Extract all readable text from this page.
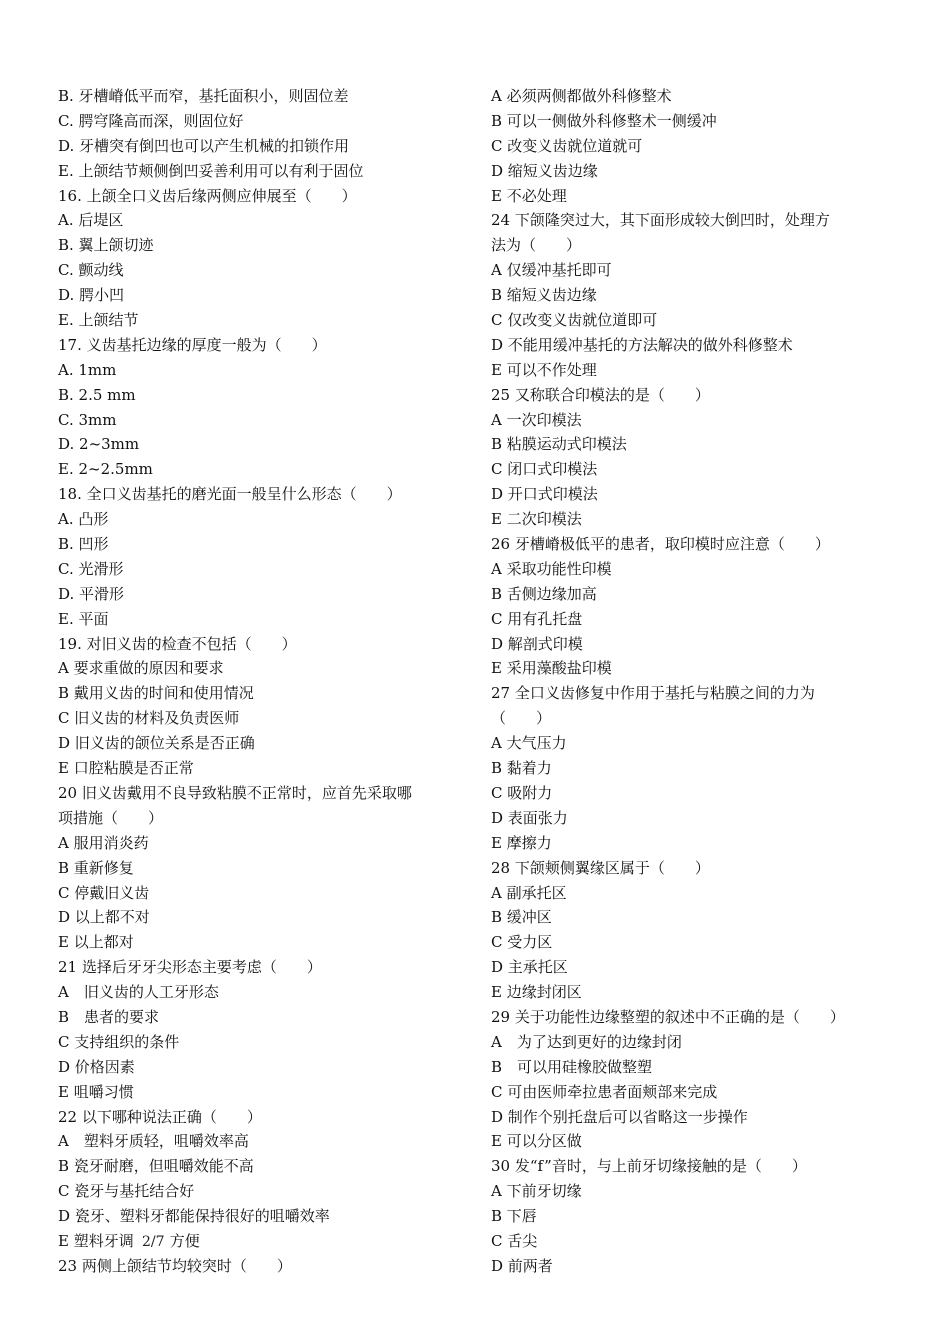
B. 牙槽嵴低平而窄，基托面积小，则固位差
C. 腭穹隆高而深，则固位好
D. 牙槽突有倒凹也可以产生机械的扣锁作用
E. 上颌结节颊侧倒凹妥善利用可以有利于固位
16. 上颌全口义齿后缘两侧应伸展至（　　）
A. 后堤区
B. 翼上颌切迹
C. 颤动线
D. 腭小凹
E. 上颌结节
17. 义齿基托边缘的厚度一般为（　　）
A. 1mm
B. 2.5 mm
C. 3mm
D. 2~3mm
E. 2~2.5mm
18. 全口义齿基托的磨光面一般呈什么形态（　　）
A. 凸形
B. 凹形
C. 光滑形
D. 平滑形
E. 平面
19. 对旧义齿的检查不包括（　　）
A 要求重做的原因和要求
B 戴用义齿的时间和使用情况
C 旧义齿的材料及负责医师
D 旧义齿的颌位关系是否正确
E 口腔粘膜是否正常
20 旧义齿戴用不良导致粘膜不正常时，应首先采取哪
项措施（　　）
A 服用消炎药
B 重新修复
C 停戴旧义齿
D 以上都不对
E 以上都对
21 选择后牙牙尖形态主要考虑（　　）
A　旧义齿的人工牙形态
B　患者的要求
C 支持组织的条件
D 价格因素
E 咀嚼习惯
22 以下哪种说法正确（　　）
A　塑料牙质轻，咀嚼效率高
B 瓷牙耐磨，但咀嚼效能不高
C 瓷牙与基托结合好
D 瓷牙、塑料牙都能保持很好的咀嚼效率
E 塑料牙调 方便
23 两侧上颌结节均较突时（　　）
A 必须两侧都做外科修整术
B 可以一侧做外科修整术一侧缓冲
C 改变义齿就位道就可
D 缩短义齿边缘
E 不必处理
24 下颌隆突过大，其下面形成较大倒凹时，处理方
法为（　　）
A 仅缓冲基托即可
B 缩短义齿边缘
C 仅改变义齿就位道即可
D 不能用缓冲基托的方法解决的做外科修整术
E 可以不作处理
25 又称联合印模法的是（　　）
A 一次印模法
B 粘膜运动式印模法
C 闭口式印模法
D 开口式印模法
E 二次印模法
26 牙槽嵴极低平的患者，取印模时应注意（　　）
A 采取功能性印模
B 舌侧边缘加高
C 用有孔托盘
D 解剖式印模
E 采用藻酸盐印模
27 全口义齿修复中作用于基托与粘膜之间的力为
（　　）
A 大气压力
B 黏着力
C 吸附力
D 表面张力
E 摩擦力
28 下颌颊侧翼缘区属于（　　）
A 副承托区
B 缓冲区
C 受力区
D 主承托区
E 边缘封闭区
29 关于功能性边缘整塑的叙述中不正确的是（　　）
A　为了达到更好的边缘封闭
B　可以用硅橡胶做整塑
C 可由医师牵拉患者面颊部来完成
D 制作个别托盘后可以省略这一步操作
E 可以分区做
30 发“f”音时，与上前牙切缘接触的是（　　）
A 下前牙切缘
B 下唇
C 舌尖
D 前两者
2/7
